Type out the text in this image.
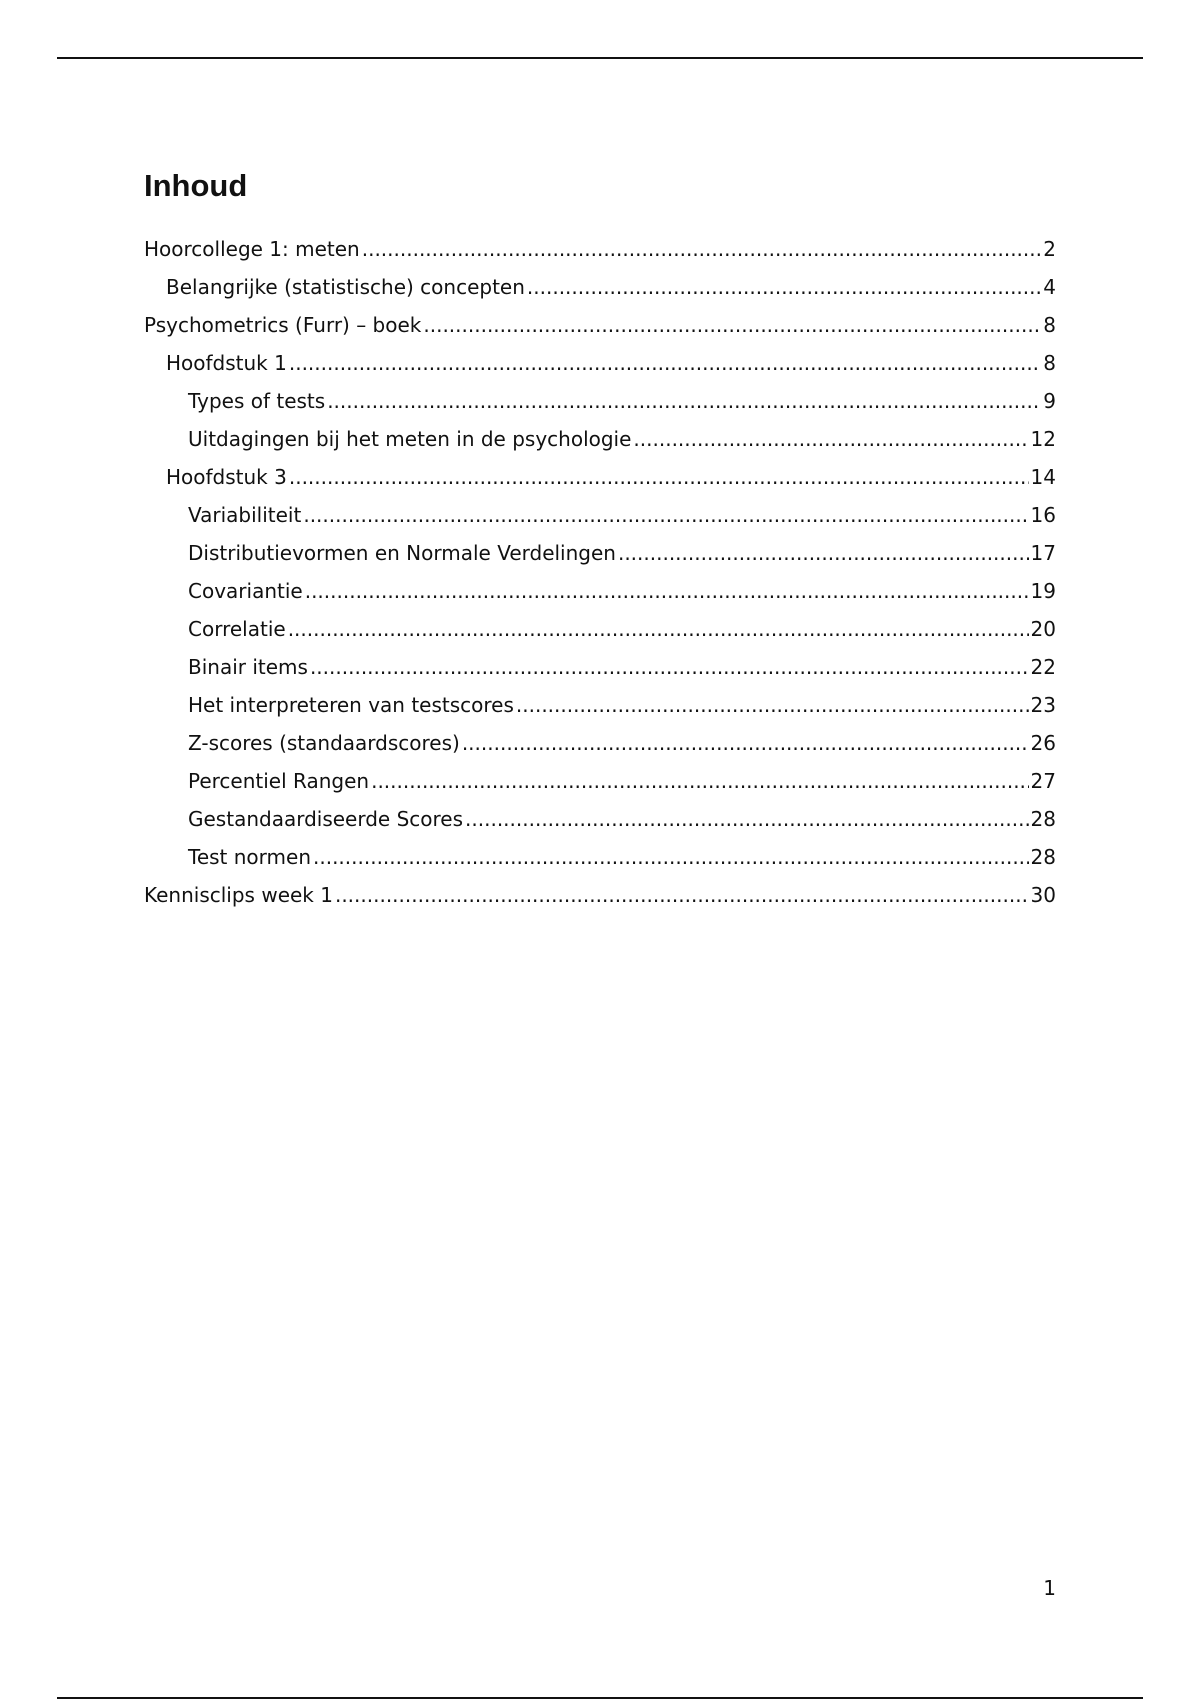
Inhoud
Hoorcollege 1: meten .....	2
Belangrijke (statistische) concepten .....	4
Psychometrics (Furr) – boek .....	8
Hoofdstuk 1 .....	8
Types of tests .....	9
Uitdagingen bij het meten in de psychologie .....	12
Hoofdstuk 3 .....	14
Variabiliteit .....	16
Distributievormen en Normale Verdelingen .....	17
Covariantie .....	19
Correlatie .....	20
Binair items .....	22
Het interpreteren van testscores .....	23
Z-scores (standaardscores) .....	26
Percentiel Rangen .....	27
Gestandaardiseerde Scores .....	28
Test normen .....	28
Kennisclips week 1 .....	30
1
